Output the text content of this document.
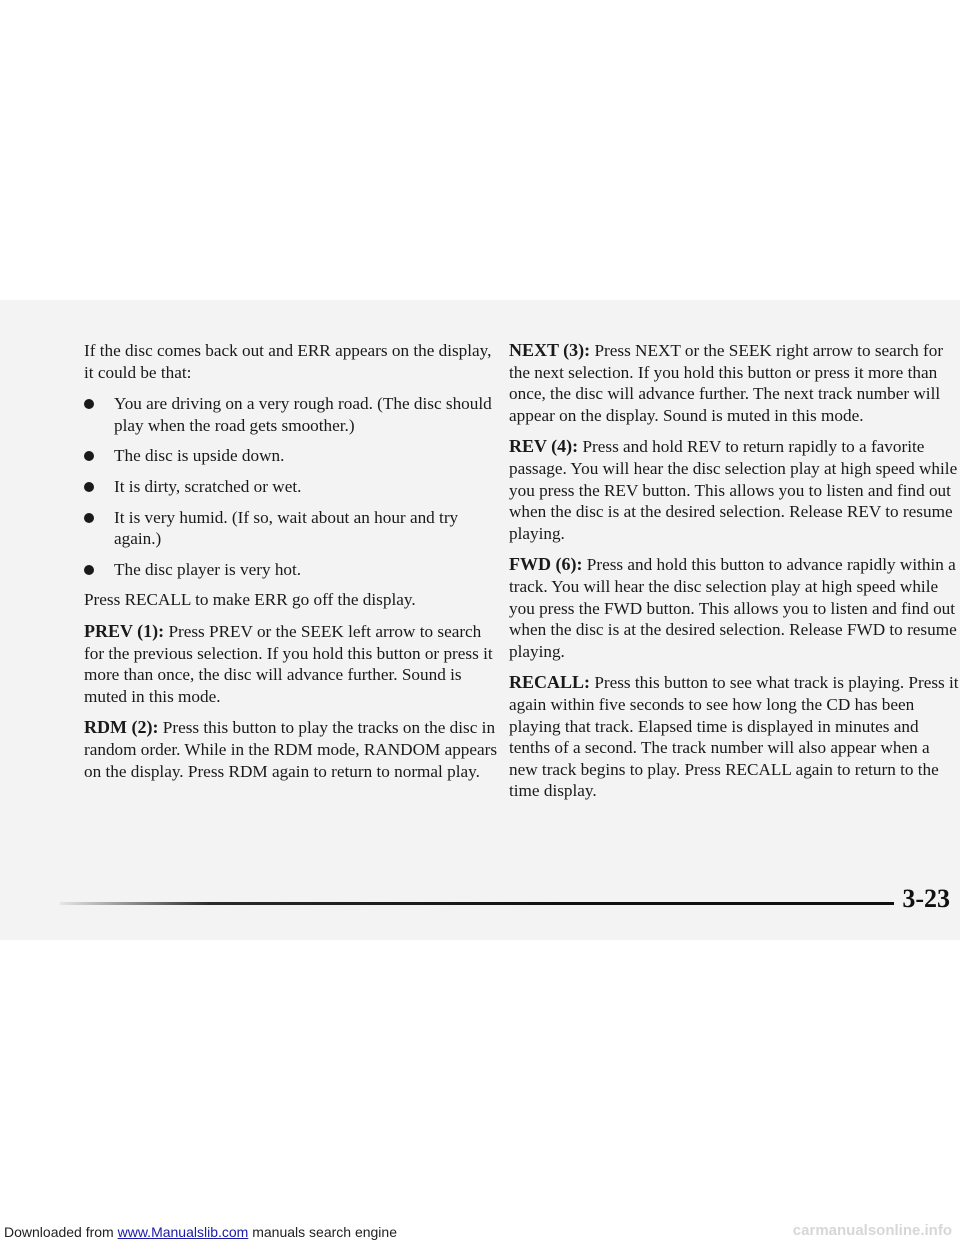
If the disc comes back out and ERR appears on the display, it could be that:

You are driving on a very rough road. (The disc should play when the road gets smoother.)
The disc is upside down.
It is dirty, scratched or wet.
It is very humid. (If so, wait about an hour and try again.)
The disc player is very hot.

Press RECALL to make ERR go off the display.

PREV (1): Press PREV or the SEEK left arrow to search for the previous selection. If you hold this button or press it more than once, the disc will advance further. Sound is muted in this mode.

RDM (2): Press this button to play the tracks on the disc in random order. While in the RDM mode, RANDOM appears on the display. Press RDM again to return to normal play.

NEXT (3): Press NEXT or the SEEK right arrow to search for the next selection. If you hold this button or press it more than once, the disc will advance further. The next track number will appear on the display. Sound is muted in this mode.

REV (4): Press and hold REV to return rapidly to a favorite passage. You will hear the disc selection play at high speed while you press the REV button. This allows you to listen and find out when the disc is at the desired selection. Release REV to resume playing.

FWD (6): Press and hold this button to advance rapidly within a track. You will hear the disc selection play at high speed while you press the FWD button. This allows you to listen and find out when the disc is at the desired selection. Release FWD to resume playing.

RECALL: Press this button to see what track is playing. Press it again within five seconds to see how long the CD has been playing that track. Elapsed time is displayed in minutes and tenths of a second. The track number will also appear when a new track begins to play. Press RECALL again to return to the time display.

3-23
Downloaded from www.Manualslib.com manuals search engine	carmanualsonline.info
